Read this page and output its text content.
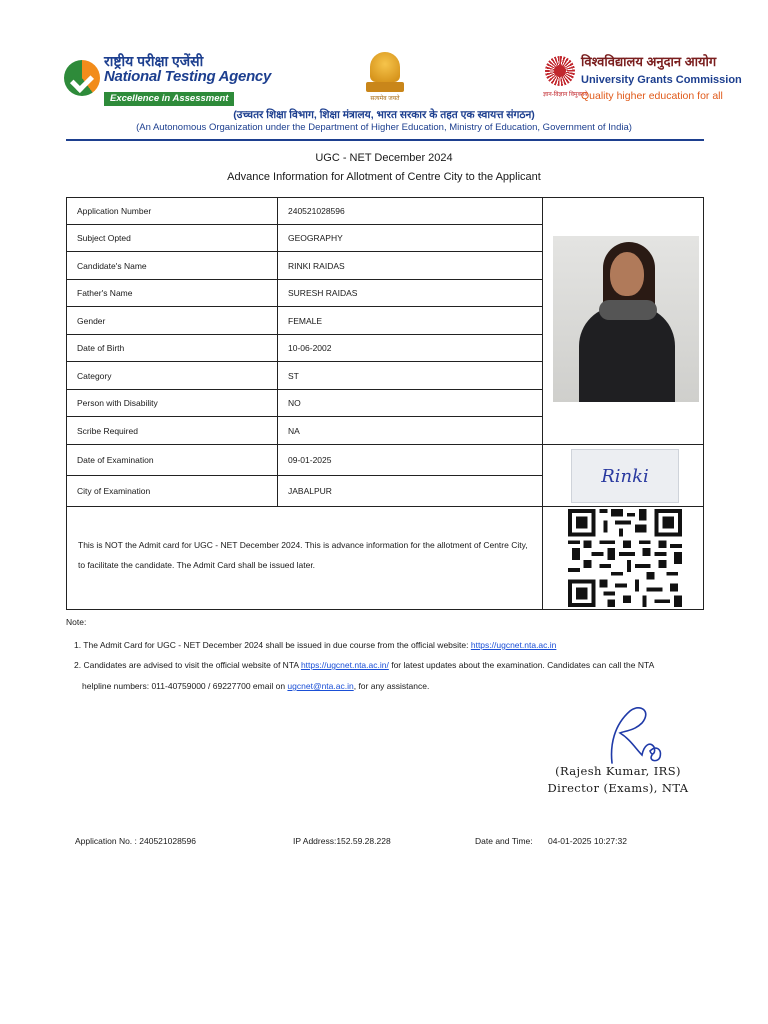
राष्ट्रीय परीक्षा एजेंसी
National Testing Agency
Excellence in Assessment	सत्यमेव जयते
ज्ञान-विज्ञान विमुक्तये
विश्वविद्यालय अनुदान आयोग
University Grants Commission
Quality higher education for all
(उच्चतर शिक्षा विभाग, शिक्षा मंत्रालय, भारत सरकार के तहत एक स्वायत्त संगठन)
(An Autonomous Organization under the Department of Higher Education, Ministry of Education, Government of India)
UGC - NET December 2024
Advance Information for Allotment of Centre City to the Applicant
Application Number	240521028596
Subject Opted	GEOGRAPHY
Candidate's Name	RINKI RAIDAS
Father's Name	SURESH RAIDAS
Gender	FEMALE
Date of Birth	10-06-2002
Category	ST
Person with Disability	NO
Scribe Required	NA
Date of Examination	09-01-2025
City of Examination	JABALPUR
Rinki
This is NOT the Admit card for UGC - NET December 2024. This is advance information for the allotment of Centre City, to facilitate the candidate. The Admit Card shall be issued later.
Note:
1. The Admit Card for UGC - NET December 2024 shall be issued in due course from the official website: https://ugcnet.nta.ac.in
2. Candidates are advised to visit the official website of NTA https://ugcnet.nta.ac.in/ for latest updates about the examination. Candidates can call the NTA
helpline numbers: 011-40759000 / 69227700 email on ugcnet@nta.ac.in, for any assistance.
(Rajesh Kumar, IRS)
Director (Exams), NTA
Application No. : 240521028596	IP Address:152.59.28.228	Date and Time: 04-01-2025 10:27:32
